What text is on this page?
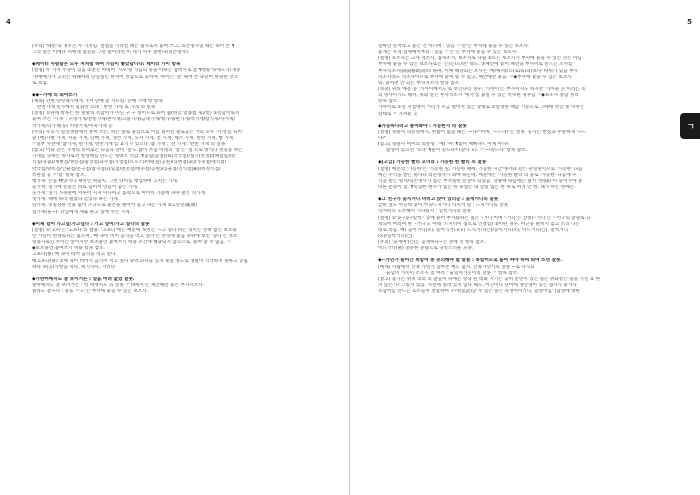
4
[주의] '때문'의 경우는 두 가지임. 설렘을 가리킬 때는 접사로서 붙여 쓰고, 의존명사일 때는 띄어 쓴 ¶
그것 얼은 이에다 먹에래 침질을 그런 말이라면 이 세가 아주 말한다(의존명사).
◆케이터 사람들은 모두 저처럼 하여 가끔이 좋았답니다: 케이터 가이 항목
[설명] 두 가지 주장이 있음 ①친은 아래어 '가포'형 가끔의 중을 아하는 잡비사로 봄 ¶행운가/세도가/개상
가/예배가가 고민은 위해야의 단동점인 한저어 결합으로 되어야. 아이은 '갈' 뛰어 쓴 ②단어 바당반 것으
로 보임.
◆◆~가에 의 띄어쓰기
[제목] 단변가/단폐가에게 가서 단배 좀 사오렴: 단배 가에 항 항목
반찬가게 롯가에서 일회만 요네 : 반찬 가게 로 가게 의 항목
[설명] ①위에 항목은 한 낱말의 복합어가 아닌 구 구 성어므로 띄어 씀(한글 맞춤법 제2항) ②복합어로서
붙여 쓰는 '가게' : 구멍가게/전통가게/판가게/고물가게/금속가게/행가게/판가게/먹가게/잡가게/자거게/
작가게/먹가게(풍) 이방가게/이북가게 등
[주의] 우리가 일상생활에서 흔히 쓰는, 하는 말로 중심으로 이를 외어진 철로들은 거의 모두 '가게'를 띄어
쓸 (예)가방 가게, 서울 가게, 단배 가게, 생선 가게, 모자 가게, 옷 가게, 채소 가게, 반찬 가게, 빵 가게.
☞일부 사전에 '뽑가게, 반가게, 반찬가게'를 표기가 있으나 '뽑 가게', '잔 가게'. 반찬 가게 의 잘못.
[참고] 이와 같은 가게의 의미로는 다음과 같이 '점'도 많이 쓰임 아래의 '점'은 '점'으로 방식나 명일을 하는
가게를 뜻하는 명사로서 항상에를 만드는 형태소 역할. ¶꽃집(꽃점)/회(국국점)/실기(옷점)/(쇄점집)/문
식집(유출)/재뿐점/병송점/물상점/과수점/가생점(유오스)/야관점(공원)/표변점(表)/가축점/에식점/
약국점/양복점/인슬점/문구점/잡지점/과일점/천옷점/백수점(공변)/동물점/진익점(鎭)/한정식점/
특판점 등 ☞'점' 항목 참조.
행가게: 돈을 빼앗거나 재미인 위돌이, 그런 타미를 행업하여 고치는 가게
들가게: 길가에 문들은 바로 들어서 만들어 놓은 가게
웃가게: 일기 가축판에 이루어 지지 아니하고 틀락으로 여어서 가좋에 파아 팔은 짓가게.
헛가게: 때에 따라 벌였다 걷었다 하는 가게.
난가게: ①일정한 건물 없이 소규모로 물건을 벌이어 놓고 파는 가게 ②=난전(亂廛)
점가게(물~): 난입에게 새뚫 판고 일에 수는 가게.
◆이제 걸어 가고싶/가고싶다 : 가고 싶어/가고 싶다의 잘못
[설명] ①'고파'는 '고프다'의 활용. '고프다'에는 예문에 보이는 '~고 싶다'라는 의미는 전혀 없는 보조용
언 가능이 현재로서는 없으며, '배 속이 비어 음식을 먹고 싶다'는 본뜻에 불음 ②위에 보인 '싶다'는 보조
형용사로인 쓰이는 앞이지만 보조용언 붙여쓰기 허용 조건에 해당되지 않으므로, 붙여 쓸 수 없음. ☞
◆보조용언 붙여쓰기 허용 항목 참조.
고프다(뿔) 배 속이 비어 음식을 먹고 싶다.
배고프다(뿔) ①배 속이 비어서 음식이 먹고 싶다 ②먹고/다들 있지 못할 정도로 생활이 넉넉하지 못하고 궁핍
하다 ③(공)사항을 먹다, 허기지다, 거리다
◆가반어에서도 잘 보이거든 : 얼음 어려 없었 잘못.
말아에서도 잘 보이거든 : 먹 데에서도 의 잘못 ☞'데에서'는 제안해만 붙은 부사격조사.
말라도 갈구나 : 갈을 ☞'도'는 부사에 붙을 수 있는 보조사.
5
얼마만 먼저라고 좋은 건 아니여 : 맞음 ☞'만'은 부사에 붙을 수 있는 보조사.
좋게는 우리 함께예서부터 : 맞음 ☞'는'은 부사에 붙을 수 있는 보조사.
[설명] ①조사는 크게 격조사, 접속조사, 보조사로 나뉨 ②모든 보조사가 부사에 붙을 수 있는 것은 아님.
부사에 붙을 수 있는 보조사로는 '은/는/도/만' 정도. ③체언에 붙어 체언을 부사어로 만드는 조사를
부사격조사(副詞格助詞)라 하며, 이에 해당되는 조사는 '에/에서/(으)로/와/과/보다' 따위가 있음 부사
격조사라도 격조사이므로 부사에 붙여 쓸 수 없고, 체언에만 붙음. ☞◆부사에 붙을 수 있는 보조사
와, 붙이면 안 되는 부사격조사 항목 참조.
[보충] 위의 예문 중 '가까이에서도'로 보인다의 경우, '가까이'는 부사이지도 하지만 '가까운 곳'이라는 뜻
의 명사이기도 해서, 위와 같은 부사격조사 '에서'를 붙일 수 있는 특수한 경우임 ☞◆보조사 종합 정리
항목 참조.
가까이로 ①먼 지점에서 거리가 조금 떨어져 있는 상태로 ②일정한 때를 기준으로 그때에 약간 못 미치는
상태로 ☞ 가까운 곳
◆가능하나라고 물어봐야 : 가능한지 라 잘못
[설명] 형용사 의문형에서, 반쯤이 없을 때는 '~냐?'이며, '~느냐?'는 잘못. 동사는 반점과 무관하게 '~느
냐?'
[참고] 형용사 어미의 의문형 : 예) '아' ¶좋이 예뻐냐?, 이제 아냐?
말성이 있으면 '으냐' ¶물이 깊으냐? (깊나 ×). ☞'~냐/느냐' 항목 참조.
◆[고급] 가능한 빨리 오너라 : 가능한 한 빨리 의 잘못
[설명] 예문의 '가능한'은 '가능한 일, 가능한 때에, 가능한 시간'에서와 같은 관형형이므로 '가능한' 다음
에는 수식을 받는 명사나 의존명사가 와야 하는데, 예문에는 '가능한 빨리'의 꼴로 '가능한' 다음에 수
식을 받는 명사/의존명사가 없는 부적절한 문장이 되었음. 상황에 따름에는 필시 '한(限)'이 들어가야 올
바른 문장이 됨. ¶복합한 변수가 없는 한 휴업은 내 할일 없는 한 바로 여겨 안 한, 내가 아는 한에는.
◆그 친구가 늦지거니 비비고 앉아 있더군 : 늦게거니의 잘못
급한 일도 아닌데 늦이거나/느지거니 나서서 맞 : 느지거니의 잘못
잉커따니 도착해서 기다렸지 : 일찍거니의 잘못
[설명] ①'늦-/늦-/일찍-' 등에 붙어 부사화하는 접은 '-거니'이며 '-거니'는 잘못('-거니'는 '-거니'의 맞말로 규
정되어 버리며 한 '-거니'도 아래 '느지막이 몫으로 인정함) ②어떤 경우, 어근을 밝히지 않고 소리 나는
대로 적음. 예) 늦이거니(×), 늦어가거니(×) 느지거니(○)/늦이거니(×), 이드거니(○), 일찍거니
(×)/일찍거니(○).
[주의] '늦재며'(○)는 늦재하다~는 준데 것 항목 참조.
이드거니(뿔) 충분한 분량으로 연족스러운 모양.
◆~가던가 들어간 복합어 중 유의해야 할 말들 : 복합어므로 붙여 써야 하며 띄어 쓰면 잘못.
[예제] 사람에서 간혹 가던가 삼아본 예도 없지. 간혹가던가의 잘못 ~로 나가요
술넘이 가듯이 조조지 좀 마라 : 술넘이가듯이의 잘못 ☞ 항목 참조.
[참고] 놓가는 위치 의의 의 말들이 뒤에는 상속 된 대화 거기는 늦어 문면이 있는 실은 위와같은 말을 가진 표 한
지 않는가? 그렇지 않음. 사전에 실려 있지 않다 해도, 어근이나 단어에 생산성이 있는 접사가 붙거나
복합어를 만드는 요소들이 결합하여 조어(造語)할 수 있는 말은 파생어이거나, 합성어임' (합성에 대한
ㄱ
